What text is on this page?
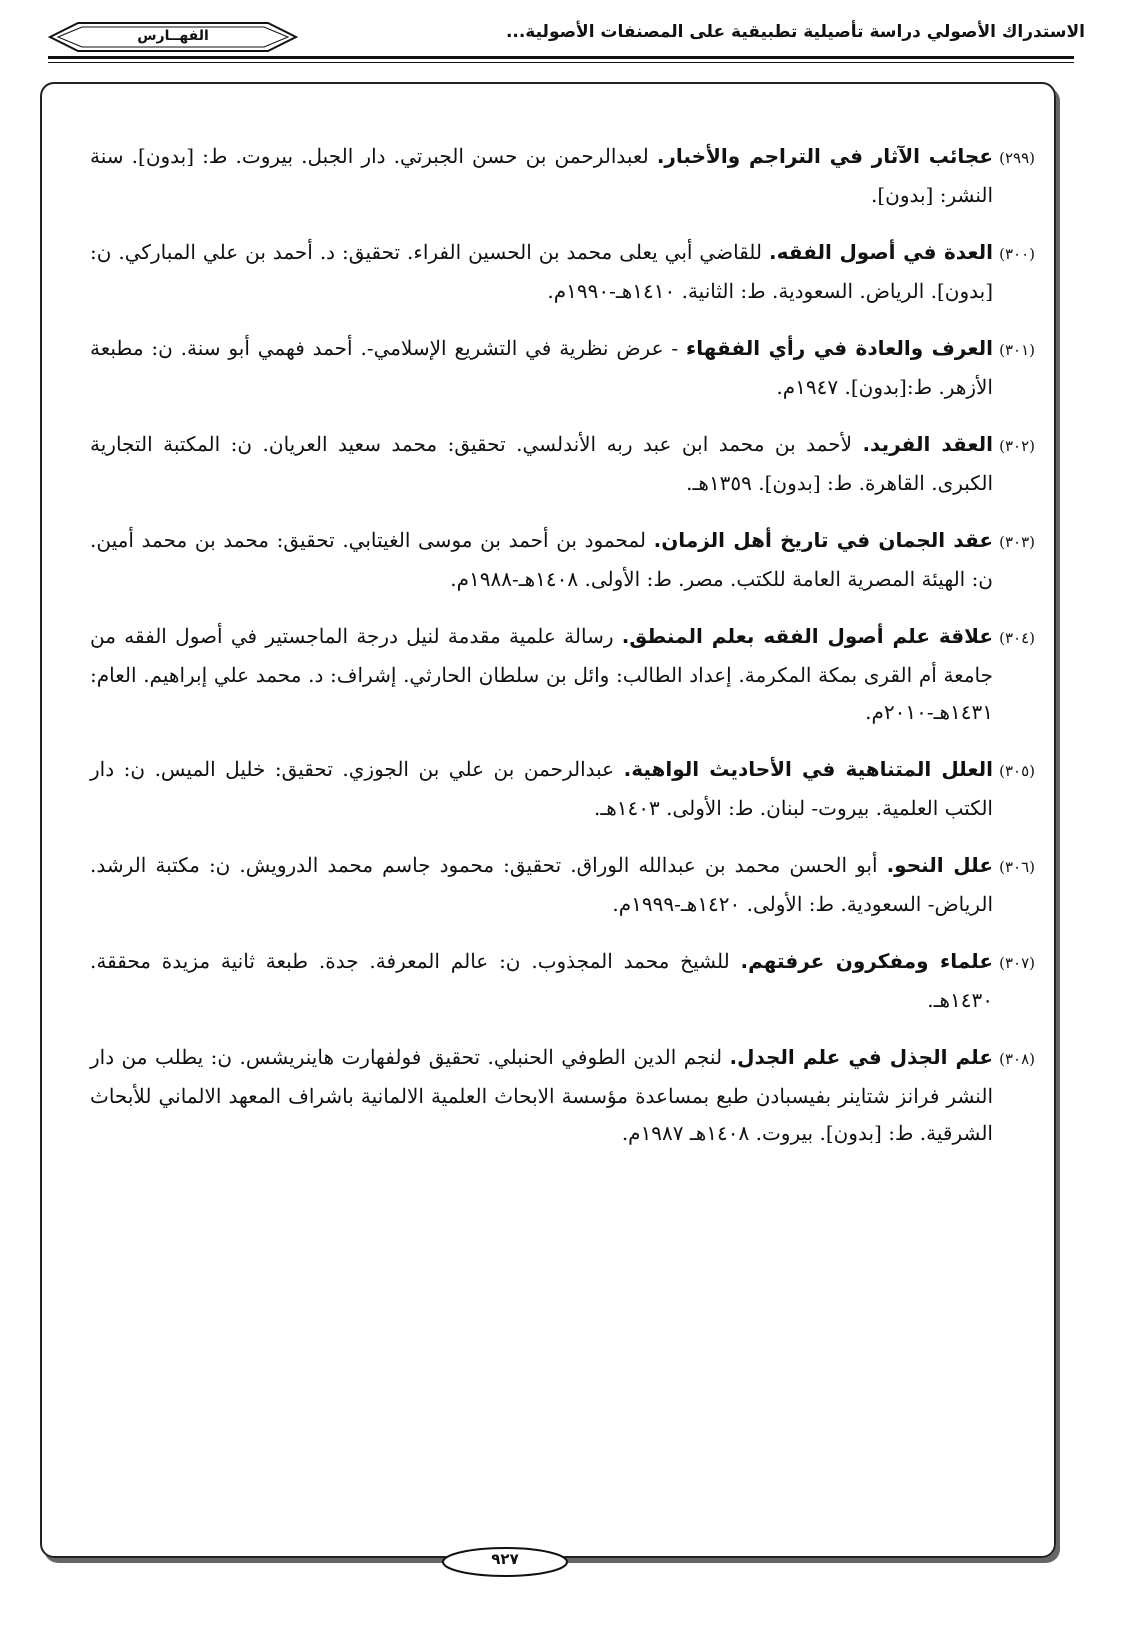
الاستدراك الأصولي دراسة تأصيلية تطبيقية على المصنفات الأصولية...
الفهــارس

(٢٩٩)عجائب الآثار في التراجم والأخبار. لعبدالرحمن بن حسن الجبرتي. دار الجبل. بيروت. ط: [بدون]. سنة النشر: [بدون].

(٣٠٠)العدة في أصول الفقه. للقاضي أبي يعلى محمد بن الحسين الفراء. تحقيق: د. أحمد بن علي المباركي. ن: [بدون]. الرياض. السعودية. ط: الثانية. ١٤١٠هـ-١٩٩٠م.

(٣٠١)العرف والعادة في رأي الفقهاء - عرض نظرية في التشريع الإسلامي-. أحمد فهمي أبو سنة. ن: مطبعة الأزهر. ط:[بدون]. ١٩٤٧م.

(٣٠٢)العقد الفريد. لأحمد بن محمد ابن عبد ربه الأندلسي. تحقيق: محمد سعيد العريان. ن: المكتبة التجارية الكبرى. القاهرة. ط: [بدون]. ١٣٥٩هـ.

(٣٠٣)عقد الجمان في تاريخ أهل الزمان. لمحمود بن أحمد بن موسى الغيتابي. تحقيق: محمد بن محمد أمين. ن: الهيئة المصرية العامة للكتب. مصر. ط: الأولى. ١٤٠٨هـ-١٩٨٨م.

(٣٠٤)علاقة علم أصول الفقه بعلم المنطق. رسالة علمية مقدمة لنيل درجة الماجستير في أصول الفقه من جامعة أم القرى بمكة المكرمة. إعداد الطالب: وائل بن سلطان الحارثي. إشراف: د. محمد علي إبراهيم. العام: ١٤٣١هـ-٢٠١٠م.

(٣٠٥)العلل المتناهية في الأحاديث الواهية. عبدالرحمن بن علي بن الجوزي. تحقيق: خليل الميس. ن: دار الكتب العلمية. بيروت- لبنان. ط: الأولى. ١٤٠٣هـ.

(٣٠٦)علل النحو. أبو الحسن محمد بن عبدالله الوراق. تحقيق: محمود جاسم محمد الدرويش. ن: مكتبة الرشد. الرياض- السعودية. ط: الأولى. ١٤٢٠هـ-١٩٩٩م.

(٣٠٧)علماء ومفكرون عرفتهم. للشيخ محمد المجذوب. ن: عالم المعرفة. جدة. طبعة ثانية مزيدة محققة. ١٤٣٠هـ.

(٣٠٨)علم الجذل في علم الجدل. لنجم الدين الطوفي الحنبلي. تحقيق فولفهارت هاينريشس. ن: يطلب من دار النشر فرانز شتاينر بفيسبادن طبع بمساعدة مؤسسة الابحاث العلمية الالمانية باشراف المعهد الالماني للأبحاث الشرقية. ط: [بدون]. بيروت. ١٤٠٨هـ ١٩٨٧م.

٩٢٧
